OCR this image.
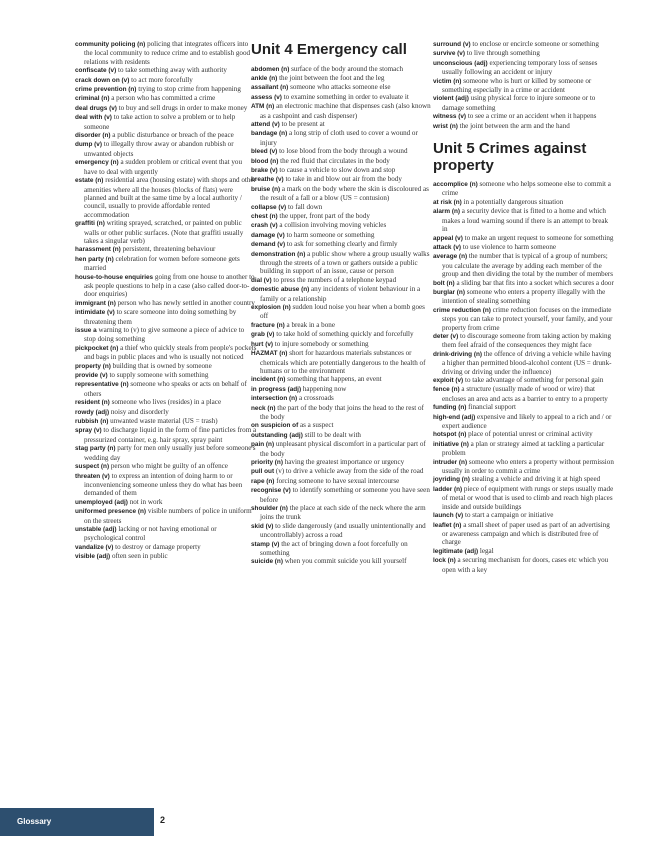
community policing (n) policing that integrates officers into the local community to reduce crime and to establish good relations with residents
confiscate (v) to take something away with authority
crack down on (v) to act more forcefully
crime prevention (n) trying to stop crime from happening
criminal (n) a person who has committed a crime
deal drugs (v) to buy and sell drugs in order to make money
deal with (v) to take action to solve a problem or to help someone
disorder (n) a public disturbance or breach of the peace
dump (v) to illegally throw away or abandon rubbish or unwanted objects
emergency (n) a sudden problem or critical event that you have to deal with urgently
estate (n) residential area (housing estate) with shops and other amenities where all the houses (blocks of flats) were planned and built at the same time by a local authority / council, usually to provide affordable rented accommodation
graffiti (n) writing sprayed, scratched, or painted on public walls or other public surfaces. (Note that graffiti usually takes a singular verb)
harassment (n) persistent, threatening behaviour
hen party (n) celebration for women before someone gets married
house-to-house enquiries going from one house to another to ask people questions to help in a case (also called door-to-door enquiries)
immigrant (n) person who has newly settled in another country
intimidate (v) to scare someone into doing something by threatening them
issue a warning to (v) to give someone a piece of advice to stop doing something
pickpocket (n) a thief who quickly steals from people's pockets and bags in public places and who is usually not noticed
property (n) building that is owned by someone
provide (v) to supply someone with something
representative (n) someone who speaks or acts on behalf of others
resident (n) someone who lives (resides) in a place
rowdy (adj) noisy and disorderly
rubbish (n) unwanted waste material (US = trash)
spray (v) to discharge liquid in the form of fine particles from a pressurized container, e.g. hair spray, spray paint
stag party (n) party for men only usually just before someone's wedding day
suspect (n) person who might be guilty of an offence
threaten (v) to express an intention of doing harm to or inconveniencing someone unless they do what has been demanded of them
unemployed (adj) not in work
uniformed presence (n) visible numbers of police in uniform on the streets
unstable (adj) lacking or not having emotional or psychological control
vandalize (v) to destroy or damage property
visible (adj) often seen in public
Unit 4 Emergency call
abdomen (n) surface of the body around the stomach
ankle (n) the joint between the foot and the leg
assailant (n) someone who attacks someone else
assess (v) to examine something in order to evaluate it
ATM (n) an electronic machine that dispenses cash (also known as a cashpoint and cash dispenser)
attend (v) to be present at
bandage (n) a long strip of cloth used to cover a wound or injury
bleed (v) to lose blood from the body through a wound
blood (n) the red fluid that circulates in the body
brake (v) to cause a vehicle to slow down and stop
breathe (v) to take in and blow out air from the body
bruise (n) a mark on the body where the skin is discoloured as the result of a fall or a blow (US = contusion)
collapse (v) to fall down
chest (n) the upper, front part of the body
crash (v) a collision involving moving vehicles
damage (v) to harm someone or something
demand (v) to ask for something clearly and firmly
demonstration (n) a public show where a group usually walks through the streets of a town or gathers outside a public building in support of an issue, cause or person
dial (v) to press the numbers of a telephone keypad
domestic abuse (n) any incidents of violent behaviour in a family or a relationship
explosion (n) sudden loud noise you hear when a bomb goes off
fracture (n) a break in a bone
grab (v) to take hold of something quickly and forcefully
hurt (v) to injure somebody or something
HAZMAT (n) short for hazardous materials substances or chemicals which are potentially dangerous to the health of humans or to the environment
incident (n) something that happens, an event
in progress (adj) happening now
intersection (n) a crossroads
neck (n) the part of the body that joins the head to the rest of the body
on suspicion of as a suspect
outstanding (adj) still to be dealt with
pain (n) unpleasant physical discomfort in a particular part of the body
priority (n) having the greatest importance or urgency
pull out (v) to drive a vehicle away from the side of the road
rape (n) forcing someone to have sexual intercourse
recognise (v) to identify something or someone you have seen before
shoulder (n) the place at each side of the neck where the arm joins the trunk
skid (v) to slide dangerously (and usually unintentionally and uncontrollably) across a road
stamp (v) the act of bringing down a foot forcefully on something
suicide (n) when you commit suicide you kill yourself
surround (v) to enclose or encircle someone or something
survive (v) to live through something
unconscious (adj) experiencing temporary loss of senses usually following an accident or injury
victim (n) someone who is hurt or killed by someone or something especially in a crime or accident
violent (adj) using physical force to injure someone or to damage something
witness (v) to see a crime or an accident when it happens
wrist (n) the joint between the arm and the hand
Unit 5 Crimes against property
accomplice (n) someone who helps someone else to commit a crime
at risk (n) in a potentially dangerous situation
alarm (n) a security device that is fitted to a home and which makes a loud warning sound if there is an attempt to break in
appeal (v) to make an urgent request to someone for something
attack (v) to use violence to harm someone
average (n) the number that is typical of a group of numbers; you calculate the average by adding each member of the group and then dividing the total by the number of members
bolt (n) a sliding bar that fits into a socket which secures a door
burglar (n) someone who enters a property illegally with the intention of stealing something
crime reduction (n) crime reduction focuses on the immediate steps you can take to protect yourself, your family, and your property from crime
deter (v) to discourage someone from taking action by making them feel afraid of the consequences they might face
drink-driving (n) the offence of driving a vehicle while having a higher than permitted blood-alcohol content (US = drunk-driving or driving under the influence)
exploit (v) to take advantage of something for personal gain
fence (n) a structure (usually made of wood or wire) that encloses an area and acts as a barrier to entry to a property
funding (n) financial support
high-end (adj) expensive and likely to appeal to a rich and / or expert audience
hotspot (n) place of potential unrest or criminal activity
initiative (n) a plan or strategy aimed at tackling a particular problem
intruder (n) someone who enters a property without permission usually in order to commit a crime
joyriding (n) stealing a vehicle and driving it at high speed
ladder (n) piece of equipment with rungs or steps usually made of metal or wood that is used to climb and reach high places inside and outside buildings
launch (v) to start a campaign or initiative
leaflet (n) a small sheet of paper used as part of an advertising or awareness campaign and which is distributed free of charge
legitimate (adj) legal
lock (n) a securing mechanism for doors, cases etc which you open with a key
Glossary	2
